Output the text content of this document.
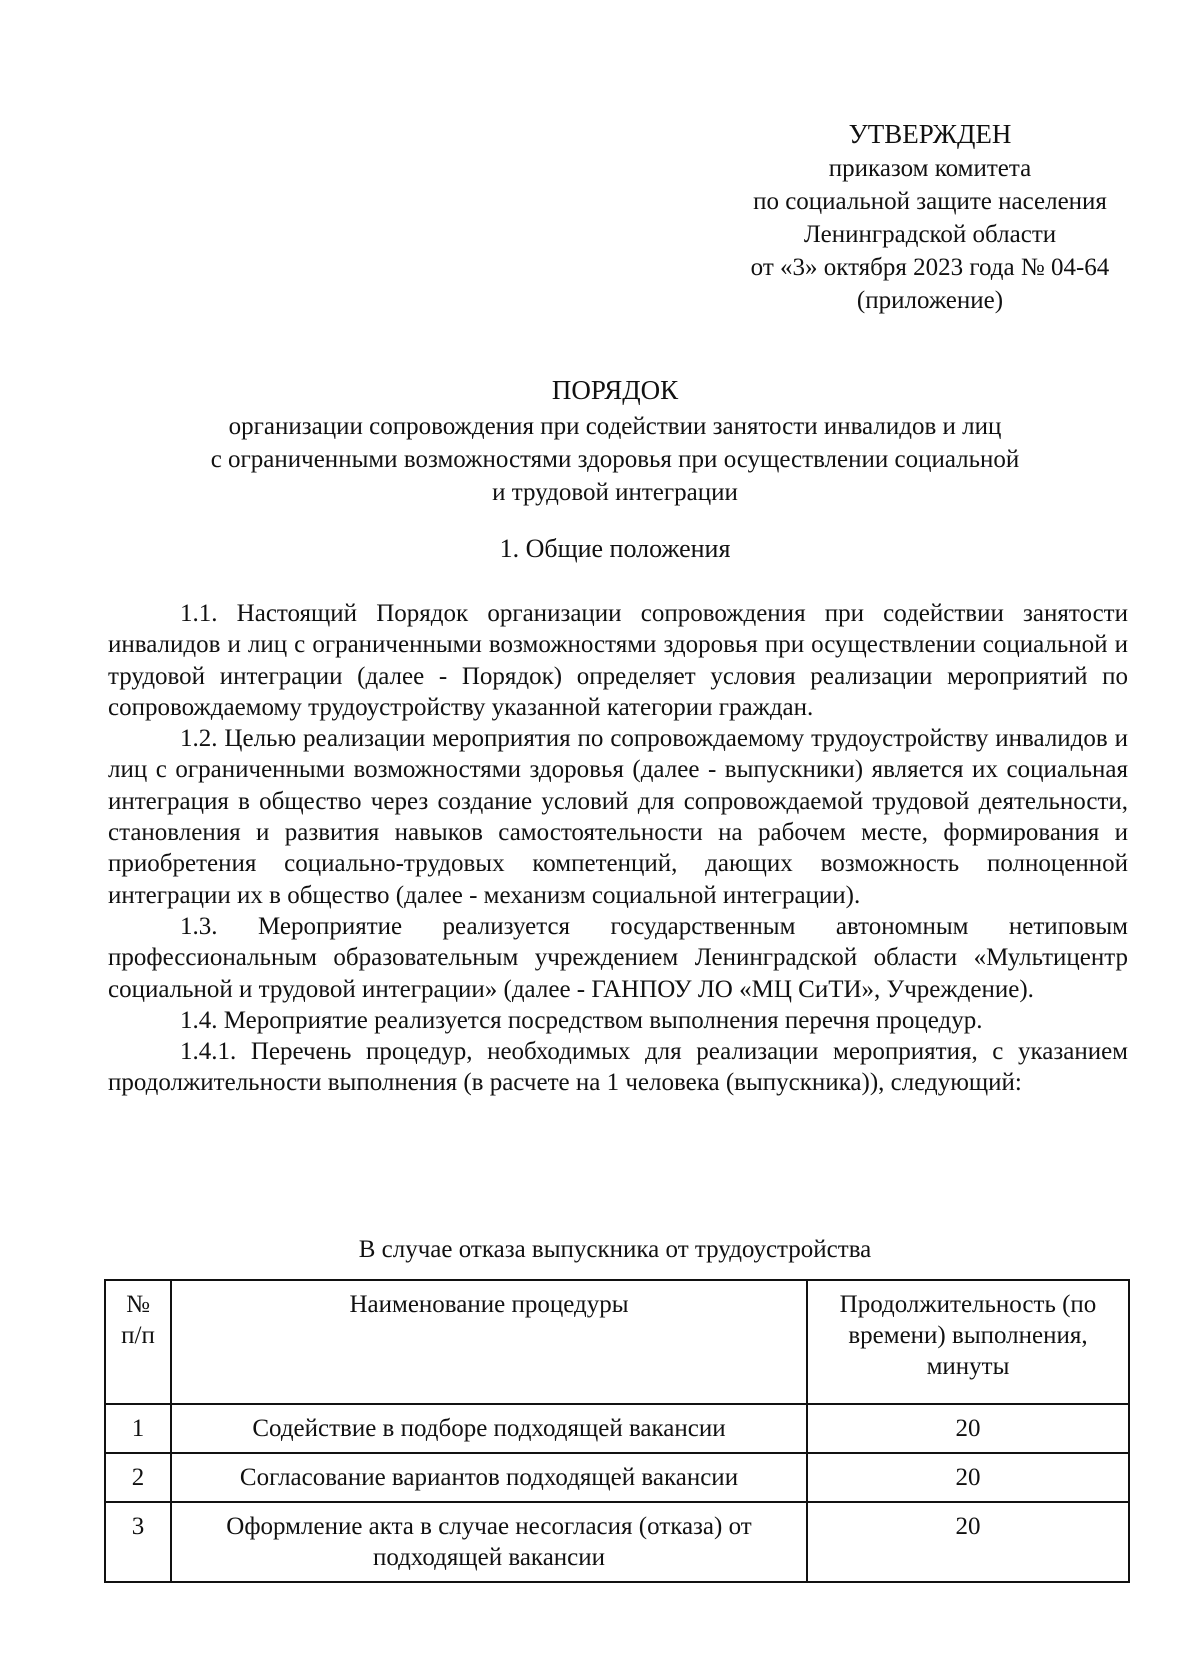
УТВЕРЖДЕН
приказом комитета
по социальной защите населения
Ленинградской области
от «3» октября 2023 года № 04-64
(приложение)
ПОРЯДОК
организации сопровождения при содействии занятости инвалидов и лиц
с ограниченными возможностями здоровья при осуществлении социальной
и трудовой интеграции
1. Общие положения

1.1. Настоящий Порядок организации сопровождения при содействии занятости инвалидов и лиц с ограниченными возможностями здоровья при осуществлении социальной и трудовой интеграции (далее - Порядок) определяет условия реализации мероприятий по сопровождаемому трудоустройству указанной категории граждан.

1.2. Целью реализации мероприятия по сопровождаемому трудоустройству инвалидов и лиц с ограниченными возможностями здоровья (далее - выпускники) является их социальная интеграция в общество через создание условий для сопровождаемой трудовой деятельности, становления и развития навыков самостоятельности на рабочем месте, формирования и приобретения социально-трудовых компетенций, дающих возможность полноценной интеграции их в общество (далее - механизм социальной интеграции).

1.3. Мероприятие реализуется государственным автономным нетиповым профессиональным образовательным учреждением Ленинградской области «Мультицентр социальной и трудовой интеграции» (далее - ГАНПОУ ЛО «МЦ СиТИ», Учреждение).

1.4. Мероприятие реализуется посредством выполнения перечня процедур.

1.4.1. Перечень процедур, необходимых для реализации мероприятия, с указанием продолжительности выполнения (в расчете на 1 человека (выпускника)), следующий:

В случае отказа выпускника от трудоустройства
№ п/п	Наименование процедуры	Продолжительность (по времени) выполнения, минуты
1	Содействие в подборе подходящей вакансии	20
2	Согласование вариантов подходящей вакансии	20
3	Оформление акта в случае несогласия (отказа) от подходящей вакансии	20
